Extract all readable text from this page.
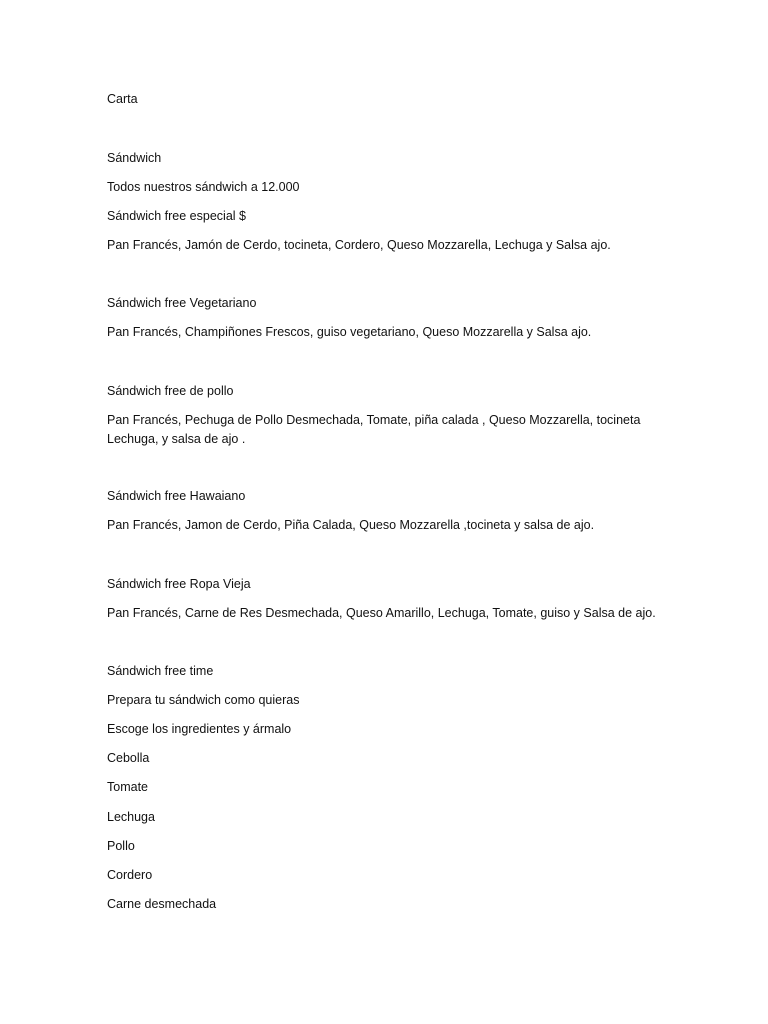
Carta
Sándwich
Todos nuestros sándwich a 12.000
Sándwich free especial $
Pan Francés, Jamón de Cerdo, tocineta, Cordero, Queso Mozzarella, Lechuga y Salsa ajo.
Sándwich free Vegetariano
Pan Francés, Champiñones Frescos, guiso vegetariano, Queso Mozzarella y Salsa ajo.
Sándwich free de pollo
Pan Francés, Pechuga de Pollo Desmechada, Tomate, piña calada , Queso Mozzarella, tocineta Lechuga, y salsa de ajo .
Sándwich free Hawaiano
Pan Francés, Jamon de Cerdo, Piña Calada, Queso Mozzarella ,tocineta y salsa de ajo.
Sándwich free Ropa Vieja
Pan Francés, Carne de Res Desmechada, Queso Amarillo, Lechuga, Tomate, guiso y Salsa de ajo.
Sándwich free time
Prepara tu sándwich como quieras
Escoge los ingredientes y ármalo
Cebolla
Tomate
Lechuga
Pollo
Cordero
Carne desmechada
